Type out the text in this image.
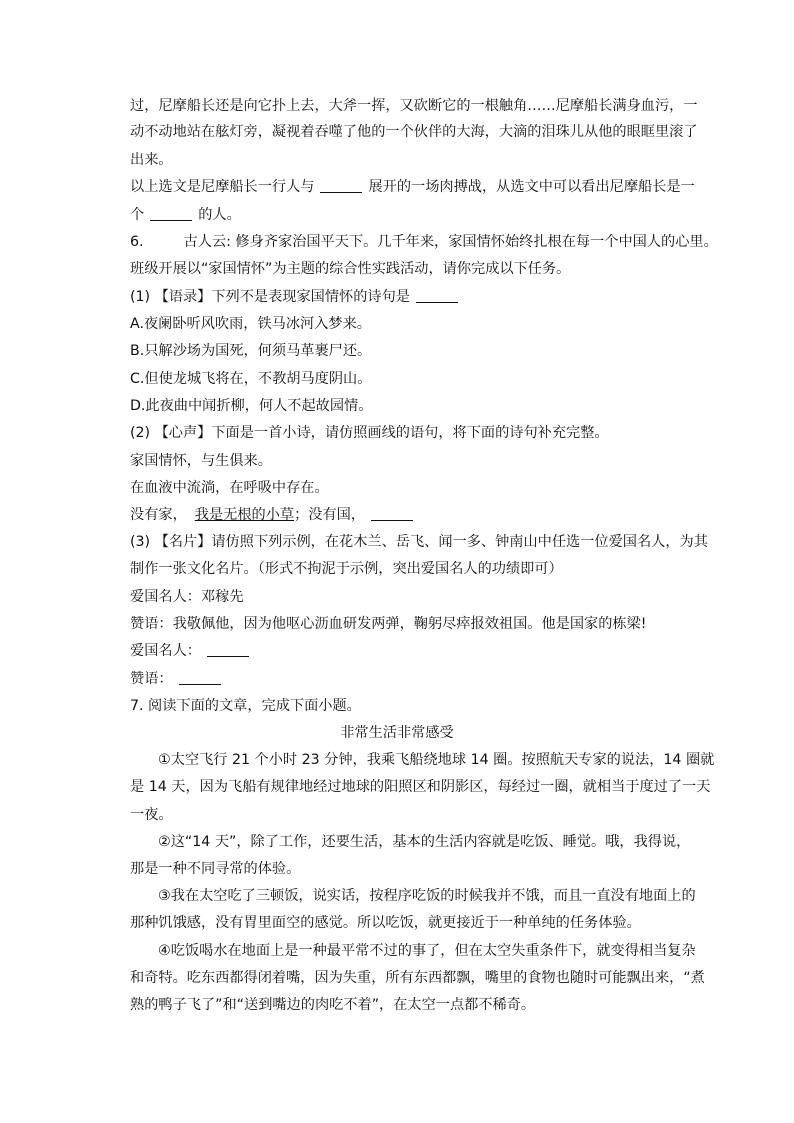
过，尼摩船长还是向它扑上去，大斧一挥，又砍断它的一根触角……尼摩船长满身血污，一
动不动地站在舷灯旁，凝视着吞噬了他的一个伙伴的大海，大滴的泪珠儿从他的眼眶里滚了
出来。
以上选文是尼摩船长一行人与	展开的一场肉搏战，从选文中可以看出尼摩船长是一
个	的人。
6.	古人云: 修身齐家治国平天下。几千年来，家国情怀始终扎根在每一个中国人的心里。
班级开展以“家国情怀”为主题的综合性实践活动，请你完成以下任务。
(1) 【语录】下列不是表现家国情怀的诗句是
A.夜阑卧听风吹雨，铁马冰河入梦来。
B.只解沙场为国死，何须马革裹尸还。
C.但使龙城飞将在，不教胡马度阴山。
D.此夜曲中闻折柳，何人不起故园情。
(2) 【心声】下面是一首小诗，请仿照画线的语句，将下面的诗句补充完整。
家国情怀，与生俱来。
在血液中流淌，在呼吸中存在。
没有家， 我是无根的小草；没有国，
(3) 【名片】请仿照下列示例，在花木兰、岳飞、闻一多、钟南山中任选一位爱国名人，为其
制作一张文化名片。（形式不拘泥于示例，突出爱国名人的功绩即可）
爱国名人：邓稼先
赞语：我敬佩他，因为他呕心沥血研发两弹，鞠躬尽瘁报效祖国。他是国家的栋梁!
爱国名人：
赞语：
7. 阅读下面的文章，完成下面小题。
非常生活非常感受
①太空飞行 21 个小时 23 分钟，我乘飞船绕地球 14 圈。按照航天专家的说法，14 圈就
是 14 天，因为飞船有规律地经过地球的阳照区和阴影区，每经过一圈，就相当于度过了一天
一夜。
②这“14 天”，除了工作，还要生活，基本的生活内容就是吃饭、睡觉。哦，我得说，
那是一种不同寻常的体验。
③我在太空吃了三顿饭，说实话，按程序吃饭的时候我并不饿，而且一直没有地面上的
那种饥饿感，没有胃里面空的感觉。所以吃饭，就更接近于一种单纯的任务体验。
④吃饭喝水在地面上是一种最平常不过的事了，但在太空失重条件下，就变得相当复杂
和奇特。吃东西都得闭着嘴，因为失重，所有东西都飘，嘴里的食物也随时可能飘出来，“煮
熟的鸭子飞了”和“送到嘴边的肉吃不着”，在太空一点都不稀奇。
